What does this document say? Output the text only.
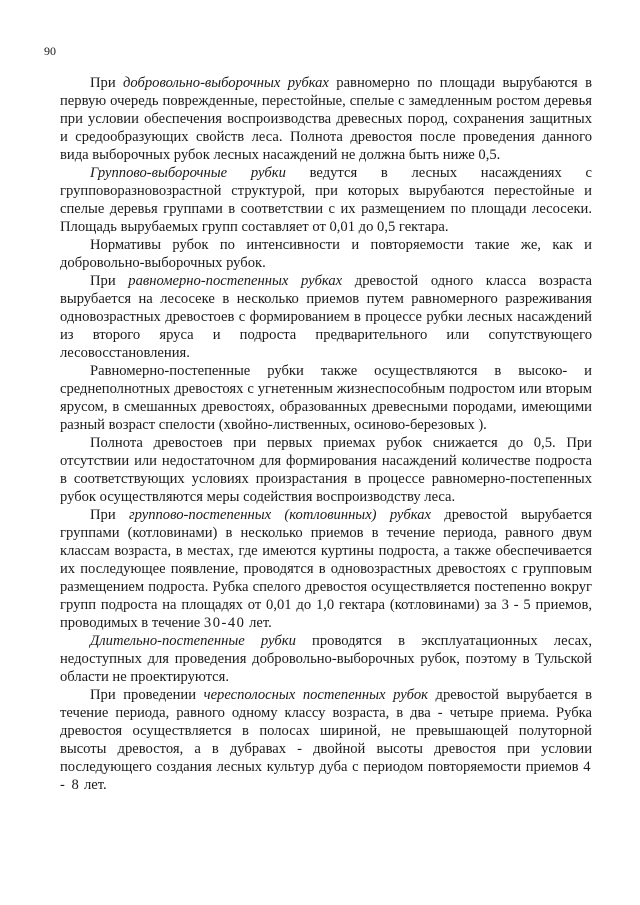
90

При добровольно-выборочных рубках равномерно по площади вырубаются в первую очередь поврежденные, перестойные, спелые с замедленным ростом деревья при условии обеспечения воспроизводства древесных пород, сохранения защитных и средообразующих свойств леса. Полнота древостоя после проведения данного вида выборочных рубок лесных насаждений не должна быть ниже 0,5.

Группово-выборочные рубки ведутся в лесных насаждениях с групповоразновозрастной структурой, при которых вырубаются перестойные и спелые деревья группами в соответствии с их размещением по площади лесосеки. Площадь вырубаемых групп составляет от 0,01 до 0,5 гектара.

Нормативы рубок по интенсивности и повторяемости такие же, как и добровольно-выборочных рубок.

При равномерно-постепенных рубках древостой одного класса возраста вырубается на лесосеке в несколько приемов путем равномерного разреживания одновозрастных древостоев с формированием в процессе рубки лесных насаждений из второго яруса и подроста предварительного или сопутствующего лесовосстановления.

Равномерно-постепенные рубки также осуществляются в высоко- и среднеполнотных древостоях с угнетенным жизнеспособным подростом или вторым ярусом, в смешанных древостоях, образованных древесными породами, имеющими разный возраст спелости (хвойно-лиственных, осиново-березовых ).

Полнота древостоев при первых приемах рубок снижается до 0,5. При отсутствии или недостаточном для формирования насаждений количестве подроста в соответствующих условиях произрастания в процессе равномерно-постепенных рубок осуществляются меры содействия воспроизводству леса.

При группово-постепенных (котловинных) рубках древостой вырубается группами (котловинами) в несколько приемов в течение периода, равного двум классам возраста, в местах, где имеются куртины подроста, а также обеспечивается их последующее появление, проводятся в одновозрастных древостоях с групповым размещением подроста. Рубка спелого древостоя осуществляется постепенно вокруг групп подроста на площадях от 0,01 до 1,0 гектара (котловинами) за 3 - 5 приемов, проводимых в течение 30-40 лет.

Длительно-постепенные рубки проводятся в эксплуатационных лесах, недоступных для проведения добровольно-выборочных рубок, поэтому в Тульской области не проектируются.

При проведении чересполосных постепенных рубок древостой вырубается в течение периода, равного одному классу возраста, в два - четыре приема. Рубка древостоя осуществляется в полосах шириной, не превышающей полуторной высоты древостоя, а в дубравах - двойной высоты древостоя при условии последующего создания лесных культур дуба с периодом повторяемости приемов 4 - 8 лет.
